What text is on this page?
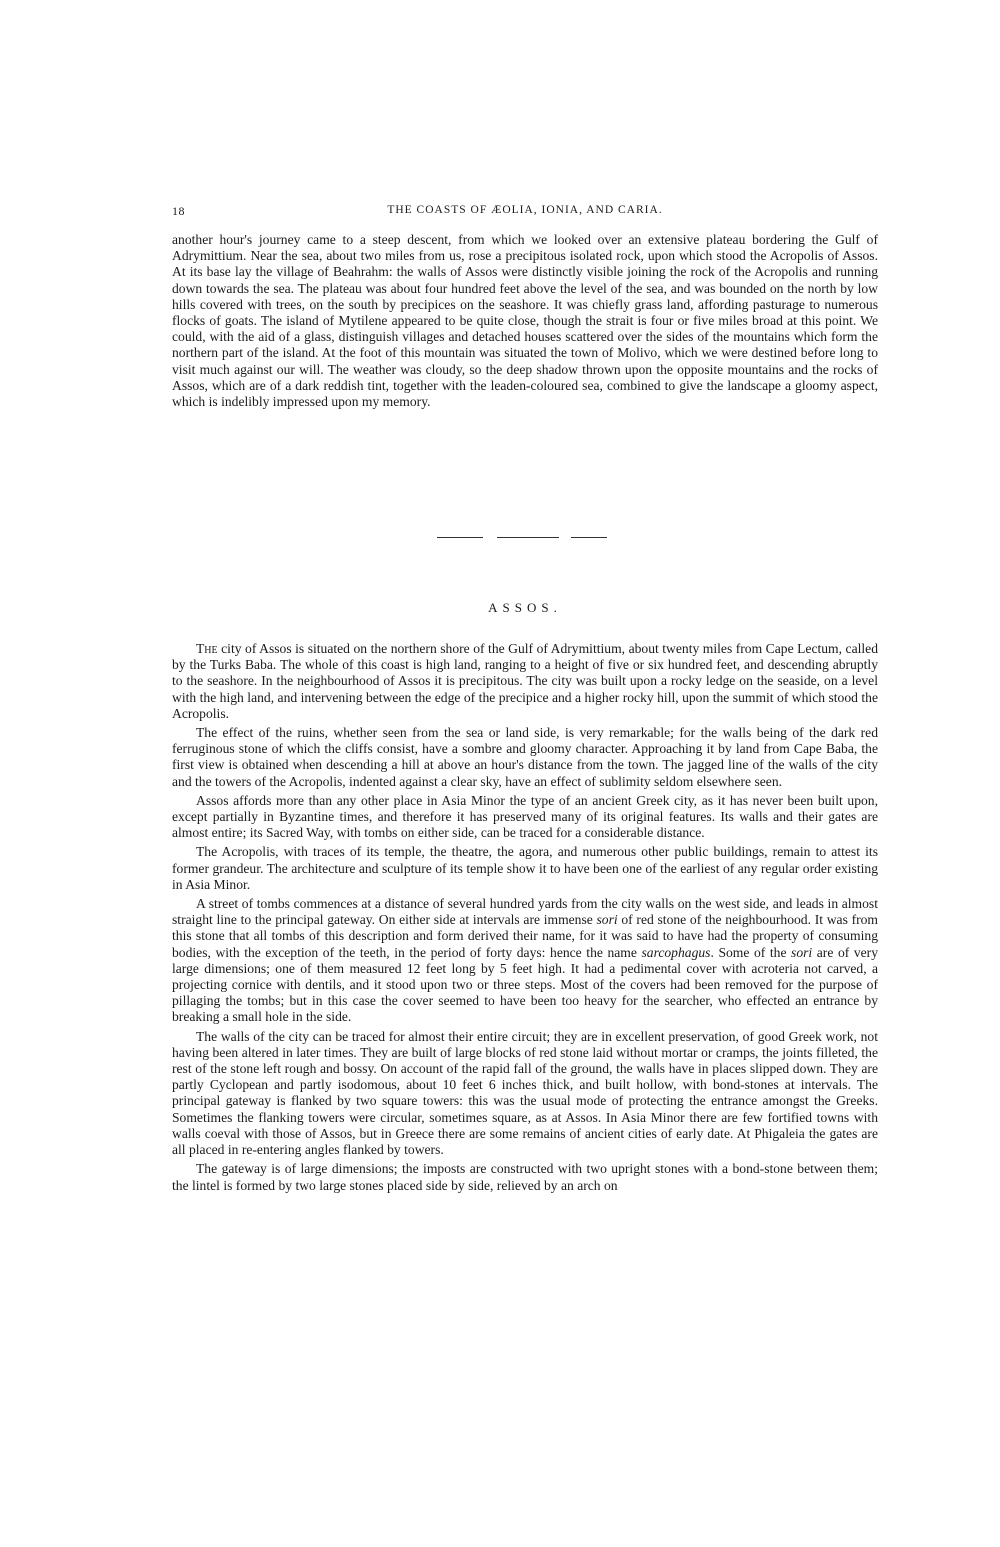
18	THE COASTS OF ÆOLIA, IONIA, AND CARIA.

another hour's journey came to a steep descent, from which we looked over an extensive plateau bordering the Gulf of Adrymittium. Near the sea, about two miles from us, rose a precipitous isolated rock, upon which stood the Acropolis of Assos. At its base lay the village of Beahrahm: the walls of Assos were distinctly visible joining the rock of the Acropolis and running down towards the sea. The plateau was about four hundred feet above the level of the sea, and was bounded on the north by low hills covered with trees, on the south by precipices on the seashore. It was chiefly grass land, affording pasturage to numerous flocks of goats. The island of Mytilene appeared to be quite close, though the strait is four or five miles broad at this point. We could, with the aid of a glass, distinguish villages and detached houses scattered over the sides of the mountains which form the northern part of the island. At the foot of this mountain was situated the town of Molivo, which we were destined before long to visit much against our will. The weather was cloudy, so the deep shadow thrown upon the opposite mountains and the rocks of Assos, which are of a dark reddish tint, together with the leaden-coloured sea, combined to give the landscape a gloomy aspect, which is indelibly impressed upon my memory.

ASSOS.

The city of Assos is situated on the northern shore of the Gulf of Adrymittium, about twenty miles from Cape Lectum, called by the Turks Baba. The whole of this coast is high land, ranging to a height of five or six hundred feet, and descending abruptly to the seashore. In the neighbourhood of Assos it is precipitous. The city was built upon a rocky ledge on the seaside, on a level with the high land, and intervening between the edge of the precipice and a higher rocky hill, upon the summit of which stood the Acropolis.

The effect of the ruins, whether seen from the sea or land side, is very remarkable; for the walls being of the dark red ferruginous stone of which the cliffs consist, have a sombre and gloomy character. Approaching it by land from Cape Baba, the first view is obtained when descending a hill at above an hour's distance from the town. The jagged line of the walls of the city and the towers of the Acropolis, indented against a clear sky, have an effect of sublimity seldom elsewhere seen.

Assos affords more than any other place in Asia Minor the type of an ancient Greek city, as it has never been built upon, except partially in Byzantine times, and therefore it has preserved many of its original features. Its walls and their gates are almost entire; its Sacred Way, with tombs on either side, can be traced for a considerable distance.

The Acropolis, with traces of its temple, the theatre, the agora, and numerous other public buildings, remain to attest its former grandeur. The architecture and sculpture of its temple show it to have been one of the earliest of any regular order existing in Asia Minor.

A street of tombs commences at a distance of several hundred yards from the city walls on the west side, and leads in almost straight line to the principal gateway. On either side at intervals are immense sori of red stone of the neighbourhood. It was from this stone that all tombs of this description and form derived their name, for it was said to have had the property of consuming bodies, with the exception of the teeth, in the period of forty days: hence the name sarcophagus. Some of the sori are of very large dimensions; one of them measured 12 feet long by 5 feet high. It had a pedimental cover with acroteria not carved, a projecting cornice with dentils, and it stood upon two or three steps. Most of the covers had been removed for the purpose of pillaging the tombs; but in this case the cover seemed to have been too heavy for the searcher, who effected an entrance by breaking a small hole in the side.

The walls of the city can be traced for almost their entire circuit; they are in excellent preservation, of good Greek work, not having been altered in later times. They are built of large blocks of red stone laid without mortar or cramps, the joints filleted, the rest of the stone left rough and bossy. On account of the rapid fall of the ground, the walls have in places slipped down. They are partly Cyclopean and partly isodomous, about 10 feet 6 inches thick, and built hollow, with bond-stones at intervals. The principal gateway is flanked by two square towers: this was the usual mode of protecting the entrance amongst the Greeks. Sometimes the flanking towers were circular, sometimes square, as at Assos. In Asia Minor there are few fortified towns with walls coeval with those of Assos, but in Greece there are some remains of ancient cities of early date. At Phigaleia the gates are all placed in re-entering angles flanked by towers.

The gateway is of large dimensions; the imposts are constructed with two upright stones with a bond-stone between them; the lintel is formed by two large stones placed side by side, relieved by an arch on
